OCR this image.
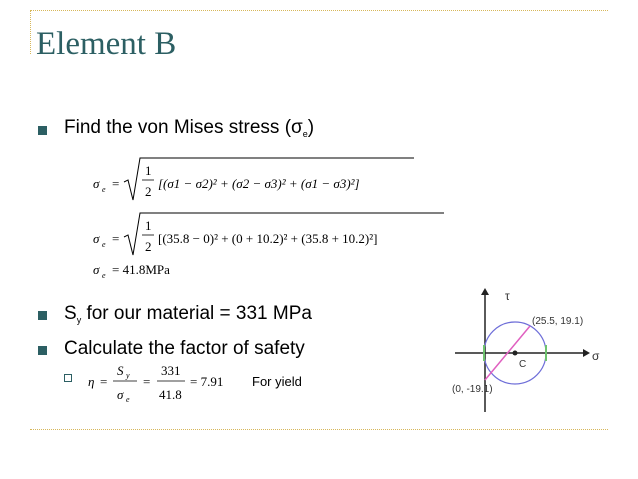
Element B
Find the von Mises stress $(\sigma_e)$
$S_y$ for our material = 331 MPa
Calculate the factor of safety
For yield
σ e =
1
2
[(σ1 − σ2)² + (σ2 − σ3)² + (σ1 − σ3)²]
σ e =
1
2
[(35.8 − 0)² + (0 + 10.2)² + (35.8 + 10.2)²]
σ e = 41.8MPa
η =
S y
σ e
=
331
41.8
= 7.91
τ
σ
C
(25.5, 19.1)
(0, -19.1)
